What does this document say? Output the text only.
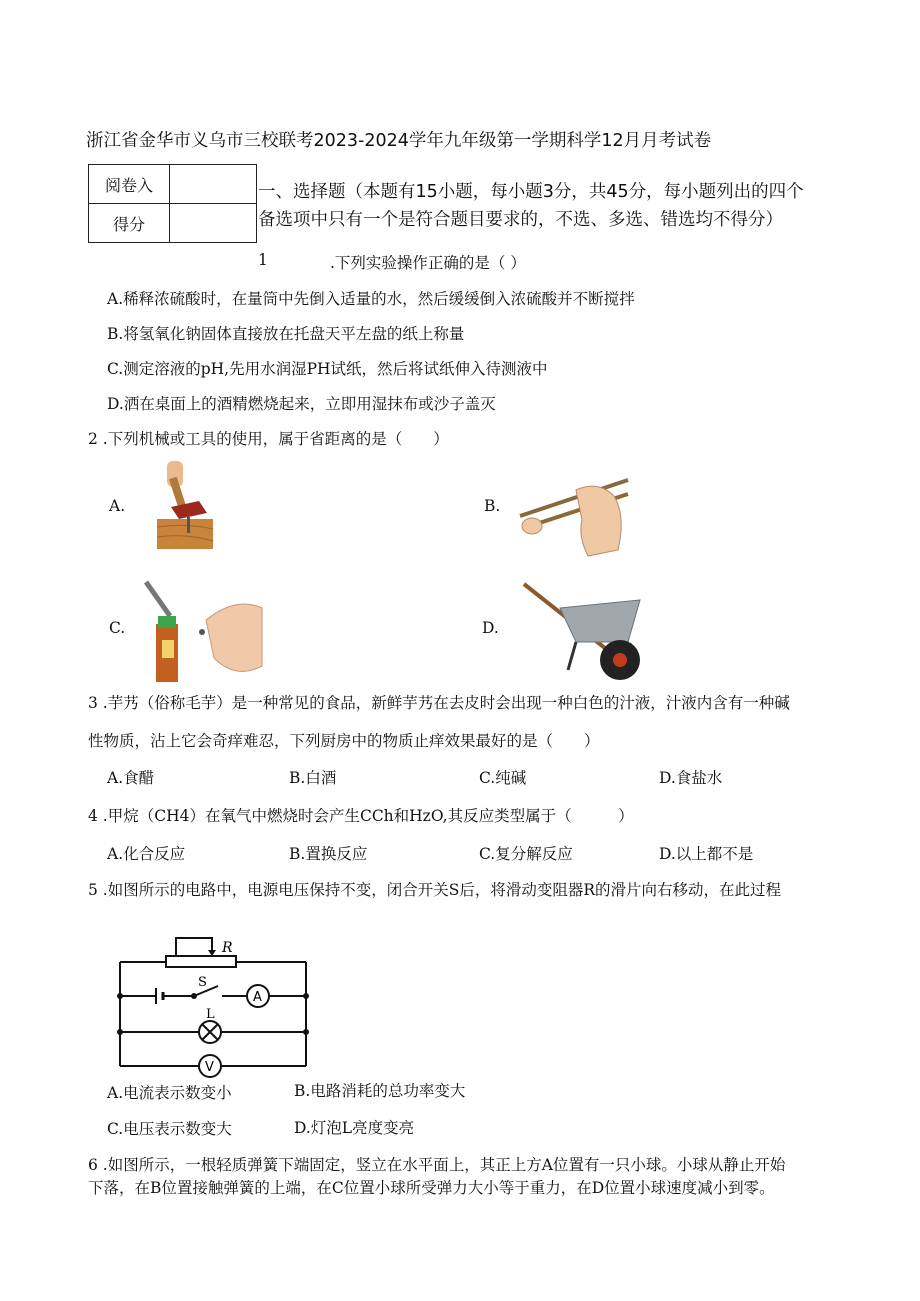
浙江省金华市义乌市三校联考2023-2024学年九年级第一学期科学12月月考试卷
阅卷入	
得分	
一、选择题（本题有15小题，每小题3分，共45分，每小题列出的四个
备选项中只有一个是符合题目要求的，不选、多选、错选均不得分）
1	.下列实验操作正确的是（ ）
A.稀释浓硫酸时，在量筒中先倒入适量的水，然后缓缓倒入浓硫酸并不断搅拌
B.将氢氧化钠固体直接放在托盘天平左盘的纸上称量
C.测定溶液的pH,先用水润湿PH试纸，然后将试纸伸入待测液中
D.洒在桌面上的酒精燃烧起来，立即用湿抹布或沙子盖灭
2 .下列机械或工具的使用，属于省距离的是（　　）
A.	B.
C.	D.
3 .芋艿（俗称毛芋）是一种常见的食品，新鲜芋艿在去皮时会出现一种白色的汁液，汁液内含有一种碱
性物质，沾上它会奇痒难忍，下列厨房中的物质止痒效果最好的是（　　）
A.食醋	B.白酒	C.纯碱	D.食盐水
4 .甲烷（CH4）在氧气中燃烧时会产生CCh和HzO,其反应类型属于（　　　）
A.化合反应	B.置换反应	C.复分解反应	D.以上都不是
5 .如图所示的电路中，电源电压保持不变，闭合开关S后，将滑动变阻器R的滑片向右移动，在此过程
R
S
A
L
V
A.电流表示数变小	B.电路消耗的总功率变大
C.电压表示数变大	D.灯泡L亮度变亮
6 .如图所示，一根轻质弹簧下端固定，竖立在水平面上，其正上方A位置有一只小球。小球从静止开始
下落，在B位置接触弹簧的上端，在C位置小球所受弹力大小等于重力，在D位置小球速度减小到零。
